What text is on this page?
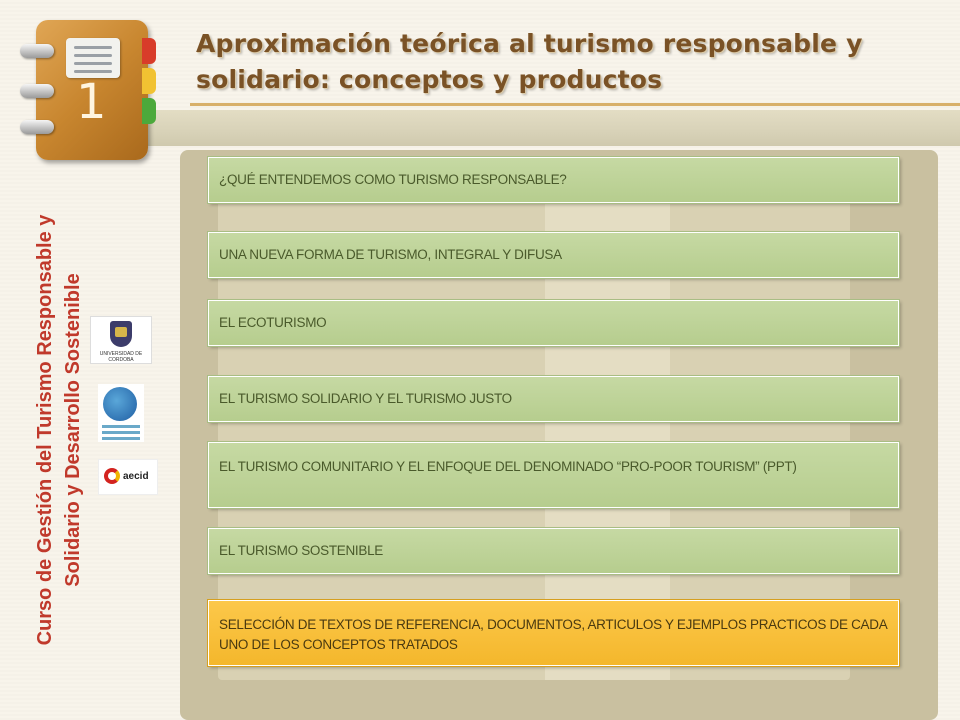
1
Aproximación teórica al turismo responsable y solidario: conceptos y productos
Curso de Gestión del Turismo Responsable y Solidario y Desarrollo Sostenible	UNIVERSIDAD DE CORDOBA
aecid
¿QUÉ ENTENDEMOS COMO TURISMO RESPONSABLE?
UNA NUEVA FORMA DE TURISMO, INTEGRAL Y DIFUSA
EL ECOTURISMO
EL TURISMO SOLIDARIO Y EL TURISMO JUSTO
EL TURISMO COMUNITARIO Y EL ENFOQUE DEL DENOMINADO “PRO-POOR TOURISM” (PPT)
EL TURISMO SOSTENIBLE
SELECCIÓN DE TEXTOS DE REFERENCIA, DOCUMENTOS, ARTICULOS Y EJEMPLOS PRACTICOS DE CADA UNO DE LOS CONCEPTOS TRATADOS
